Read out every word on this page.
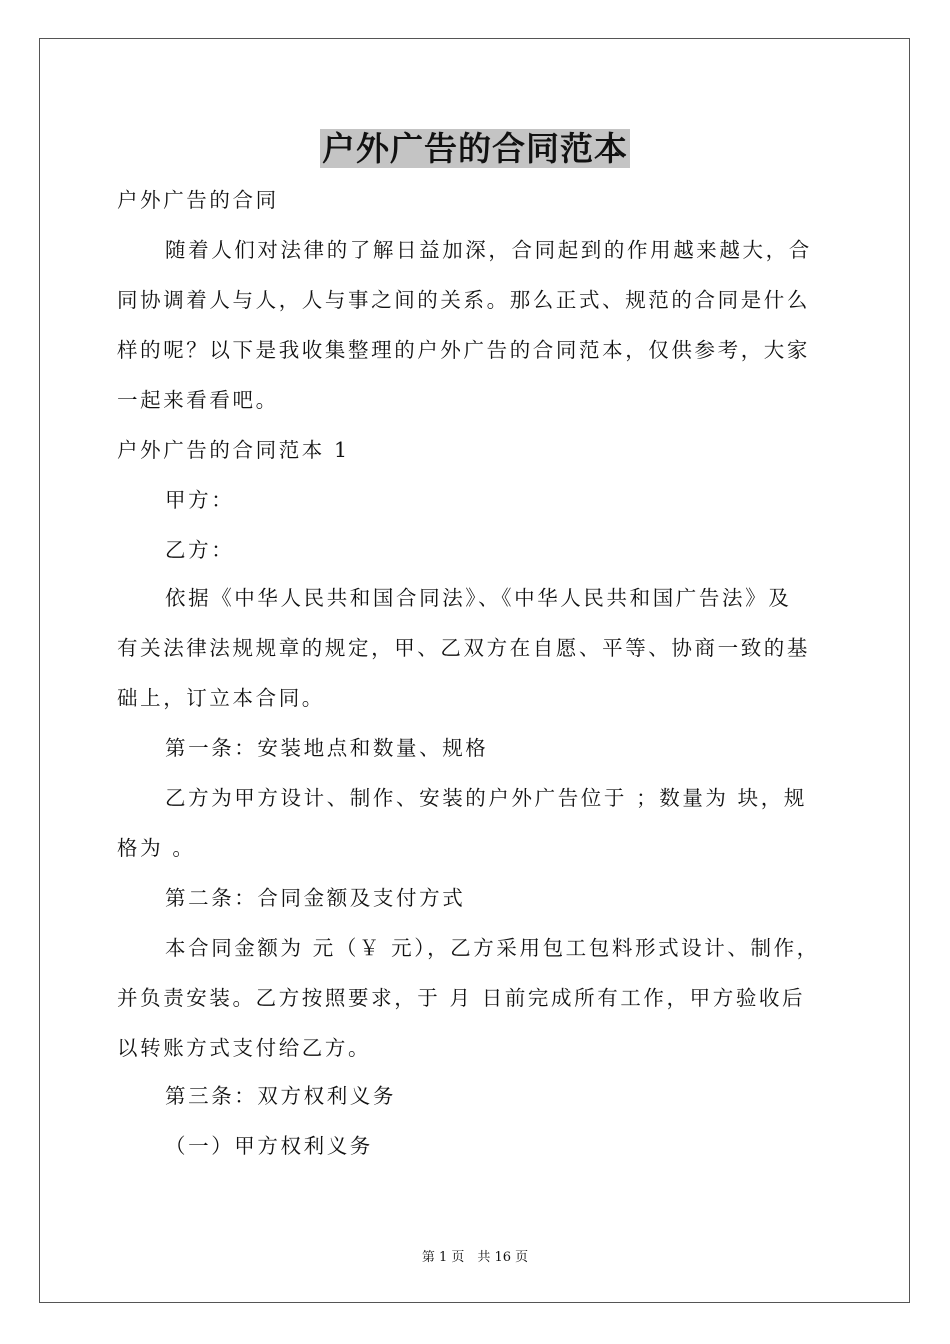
户外广告的合同范本
户外广告的合同
随着人们对法律的了解日益加深，合同起到的作用越来越大，合
同协调着人与人，人与事之间的关系。那么正式、规范的合同是什么
样的呢？以下是我收集整理的户外广告的合同范本，仅供参考，大家
一起来看看吧。
户外广告的合同范本 1
甲方：
乙方：
依据《中华人民共和国合同法》、《中华人民共和国广告法》及
有关法律法规规章的规定，甲、乙双方在自愿、平等、协商一致的基
础上，订立本合同。
第一条：安装地点和数量、规格
乙方为甲方设计、制作、安装的户外广告位于 ；数量为 块，规
格为 。
第二条：合同金额及支付方式
本合同金额为 元（￥ 元），乙方采用包工包料形式设计、制作，
并负责安装。乙方按照要求，于 月 日前完成所有工作，甲方验收后
以转账方式支付给乙方。
第三条：双方权利义务
（一）甲方权利义务
第 1 页　共 16 页
